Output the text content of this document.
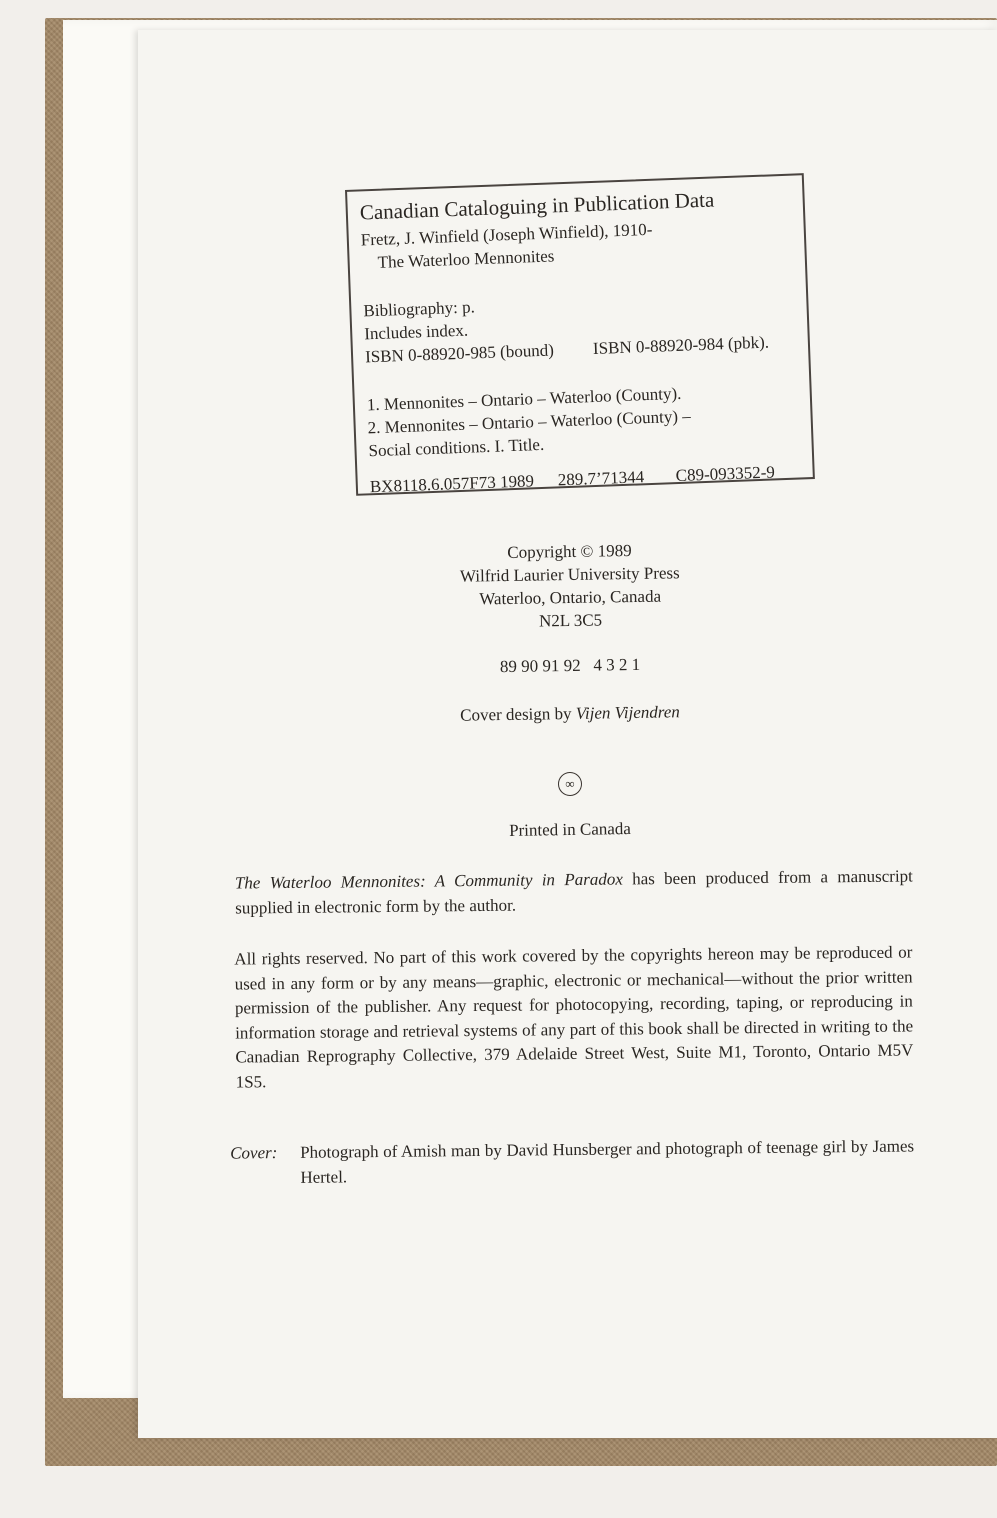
Canadian Cataloguing in Publication Data
Fretz, J. Winfield (Joseph Winfield), 1910-
The Waterloo Mennonites
Bibliography: p.
Includes index.
ISBN 0-88920-985 (bound) ISBN 0-88920-984 (pbk).
1. Mennonites – Ontario – Waterloo (County).
2. Mennonites – Ontario – Waterloo (County) –
Social conditions. I. Title.
BX8118.6.057F73 1989 289.7’71344 C89-093352-9
Copyright © 1989
Wilfrid Laurier University Press
Waterloo, Ontario, Canada
N2L 3C5
89 90 91 92 4 3 2 1
Cover design by Vijen Vijendren
∞
Printed in Canada
The Waterloo Mennonites: A Community in Paradox has been produced from a manuscript supplied in electronic form by the author.
All rights reserved. No part of this work covered by the copyrights hereon may be reproduced or used in any form or by any means—graphic, electronic or mechanical—without the prior written permission of the publisher. Any request for photocopying, recording, taping, or reproducing in information storage and retrieval systems of any part of this book shall be directed in writing to the Canadian Reprography Collective, 379 Adelaide Street West, Suite M1, Toronto, Ontario M5V 1S5.
Cover: Photograph of Amish man by David Hunsberger and photograph of teenage girl by James Hertel.
